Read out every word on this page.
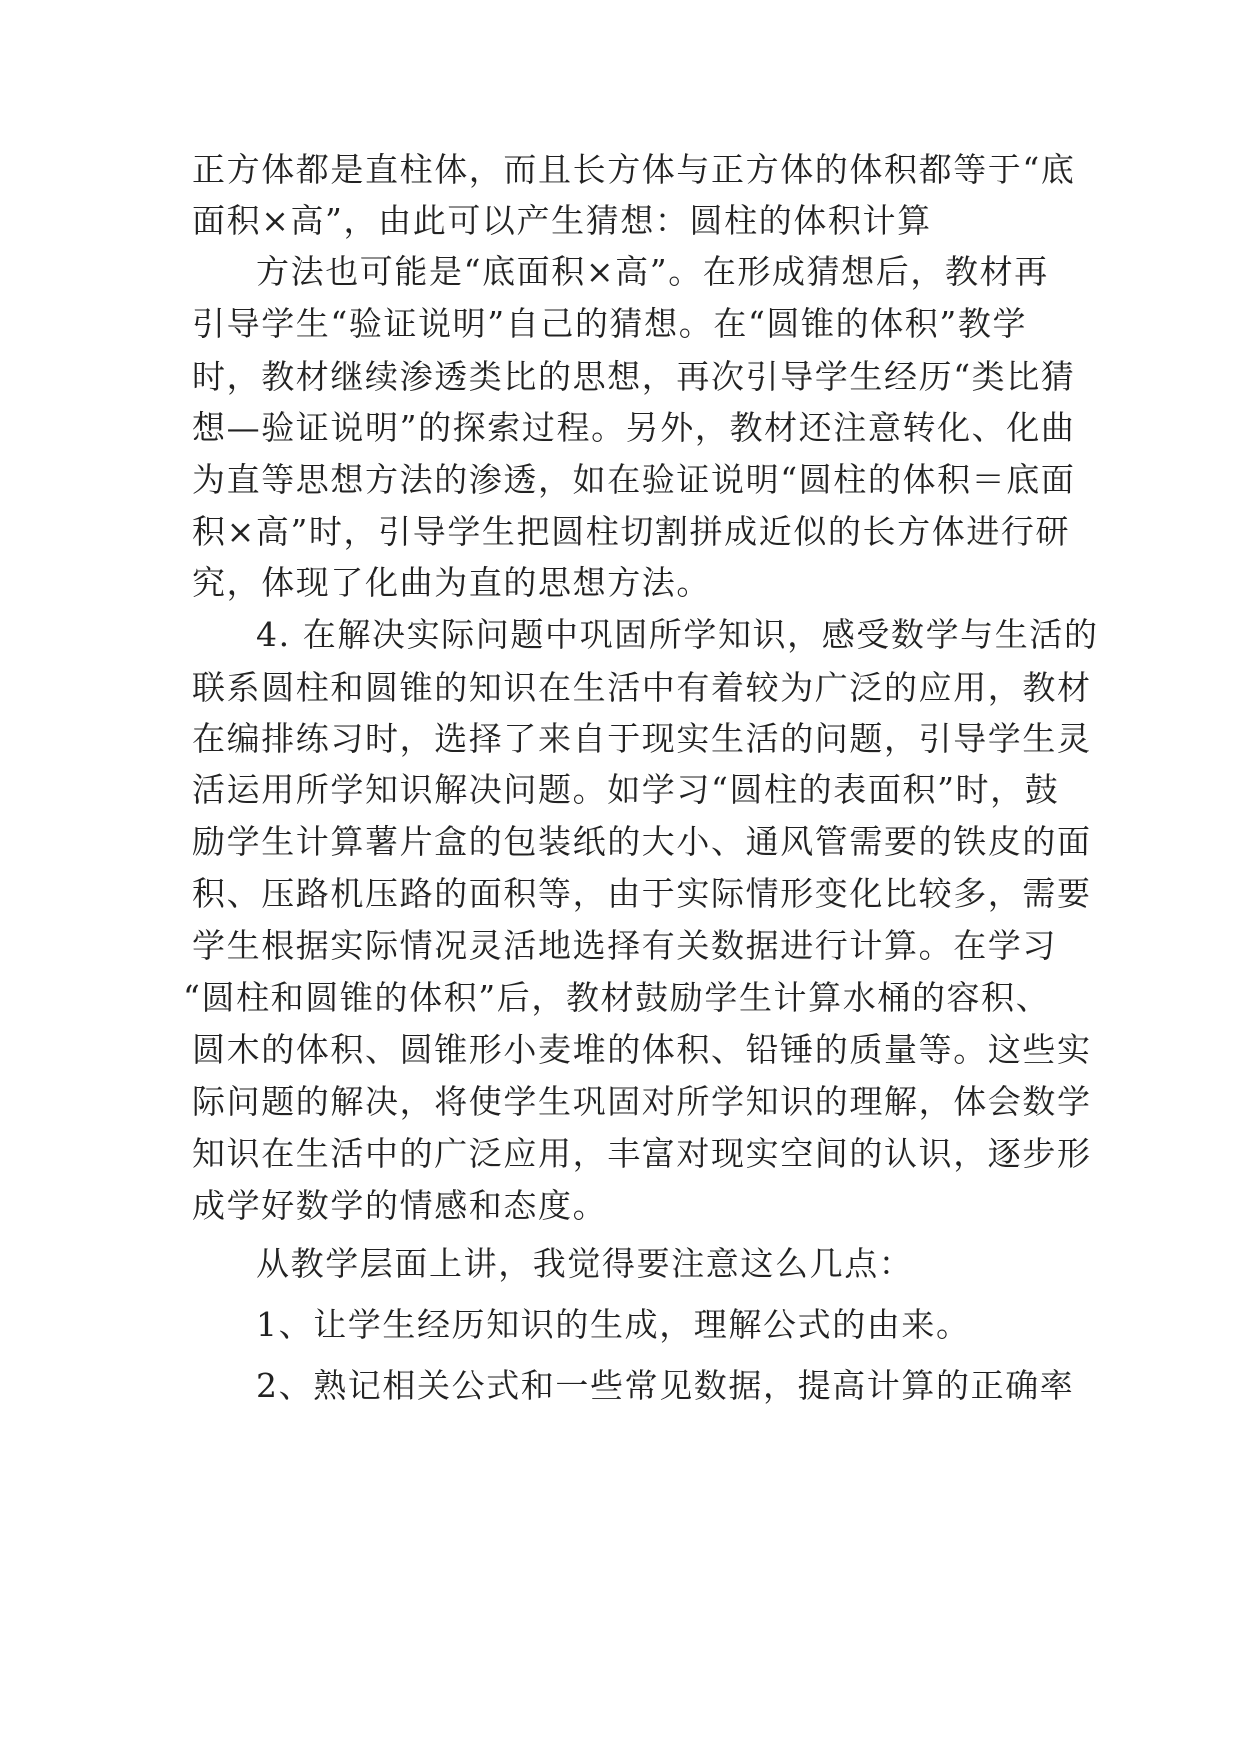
正方体都是直柱体，而且长方体与正方体的体积都等于“底
面积×高”，由此可以产生猜想：圆柱的体积计算
方法也可能是“底面积×高”。在形成猜想后，教材再
引导学生“验证说明”自己的猜想。在“圆锥的体积”教学
时，教材继续渗透类比的思想，再次引导学生经历“类比猜
想—验证说明”的探索过程。另外，教材还注意转化、化曲
为直等思想方法的渗透，如在验证说明“圆柱的体积＝底面
积×高”时，引导学生把圆柱切割拼成近似的长方体进行研
究，体现了化曲为直的思想方法。
4. 在解决实际问题中巩固所学知识，感受数学与生活的
联系圆柱和圆锥的知识在生活中有着较为广泛的应用，教材
在编排练习时，选择了来自于现实生活的问题，引导学生灵
活运用所学知识解决问题。如学习“圆柱的表面积”时，鼓
励学生计算薯片盒的包装纸的大小、通风管需要的铁皮的面
积、压路机压路的面积等，由于实际情形变化比较多，需要
学生根据实际情况灵活地选择有关数据进行计算。在学习
“圆柱和圆锥的体积”后，教材鼓励学生计算水桶的容积、
圆木的体积、圆锥形小麦堆的体积、铅锤的质量等。这些实
际问题的解决，将使学生巩固对所学知识的理解，体会数学
知识在生活中的广泛应用，丰富对现实空间的认识，逐步形
成学好数学的情感和态度。
从教学层面上讲，我觉得要注意这么几点：
1、让学生经历知识的生成，理解公式的由来。
2、熟记相关公式和一些常见数据，提高计算的正确率
